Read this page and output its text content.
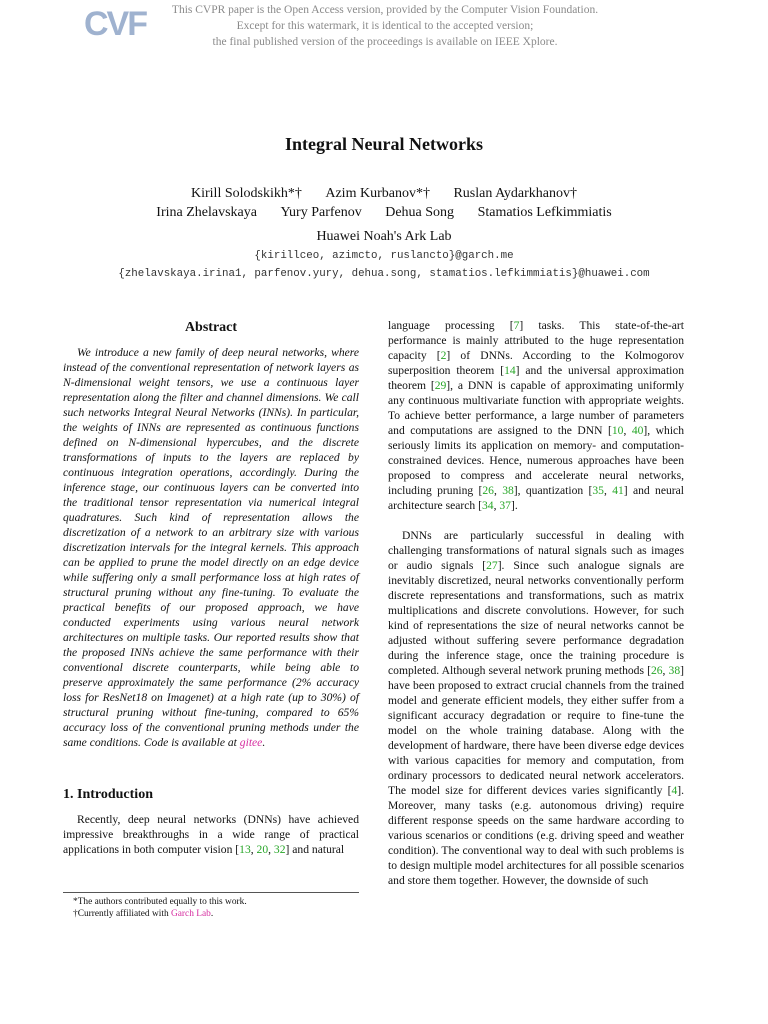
CVF This CVPR paper is the Open Access version, provided by the Computer Vision Foundation.
Except for this watermark, it is identical to the accepted version;
the final published version of the proceedings is available on IEEE Xplore.
Integral Neural Networks
Kirill Solodskikh*† Azim Kurbanov*† Ruslan Aydarkhanov†
Irina Zhelavskaya Yury Parfenov Dehua Song Stamatios Lefkimmiatis
Huawei Noah's Ark Lab
{kirillceo, azimcto, ruslancto}@garch.me
{zhelavskaya.irina1, parfenov.yury, dehua.song, stamatios.lefkimmiatis}@huawei.com
Abstract

We introduce a new family of deep neural networks, where instead of the conventional representation of network layers as N-dimensional weight tensors, we use a continuous layer representation along the filter and channel dimensions. We call such networks Integral Neural Networks (INNs). In particular, the weights of INNs are represented as continuous functions defined on N-dimensional hypercubes, and the discrete transformations of inputs to the layers are replaced by continuous integration operations, accordingly. During the inference stage, our continuous layers can be converted into the traditional tensor representation via numerical integral quadratures. Such kind of representation allows the discretization of a network to an arbitrary size with various discretization intervals for the integral kernels. This approach can be applied to prune the model directly on an edge device while suffering only a small performance loss at high rates of structural pruning without any fine-tuning. To evaluate the practical benefits of our proposed approach, we have conducted experiments using various neural network architectures on multiple tasks. Our reported results show that the proposed INNs achieve the same performance with their conventional discrete counterparts, while being able to preserve approximately the same performance (2% accuracy loss for ResNet18 on Imagenet) at a high rate (up to 30%) of structural pruning without fine-tuning, compared to 65% accuracy loss of the conventional pruning methods under the same conditions. Code is available at gitee.

1. Introduction

Recently, deep neural networks (DNNs) have achieved impressive breakthroughs in a wide range of practical applications in both computer vision [13, 20, 32] and natural

language processing [7] tasks. This state-of-the-art performance is mainly attributed to the huge representation capacity [2] of DNNs. According to the Kolmogorov superposition theorem [14] and the universal approximation theorem [29], a DNN is capable of approximating uniformly any continuous multivariate function with appropriate weights. To achieve better performance, a large number of parameters and computations are assigned to the DNN [10, 40], which seriously limits its application on memory- and computation-constrained devices. Hence, numerous approaches have been proposed to compress and accelerate neural networks, including pruning [26, 38], quantization [35, 41] and neural architecture search [34, 37].

DNNs are particularly successful in dealing with challenging transformations of natural signals such as images or audio signals [27]. Since such analogue signals are inevitably discretized, neural networks conventionally perform discrete representations and transformations, such as matrix multiplications and discrete convolutions. However, for such kind of representations the size of neural networks cannot be adjusted without suffering severe performance degradation during the inference stage, once the training procedure is completed. Although several network pruning methods [26, 38] have been proposed to extract crucial channels from the trained model and generate efficient models, they either suffer from a significant accuracy degradation or require to fine-tune the model on the whole training database. Along with the development of hardware, there have been diverse edge devices with various capacities for memory and computation, from ordinary processors to dedicated neural network accelerators. The model size for different devices varies significantly [4]. Moreover, many tasks (e.g. autonomous driving) require different response speeds on the same hardware according to various scenarios or conditions (e.g. driving speed and weather condition). The conventional way to deal with such problems is to design multiple model architectures for all possible scenarios and store them together. However, the downside of such

*The authors contributed equally to this work.
†Currently affiliated with Garch Lab.
